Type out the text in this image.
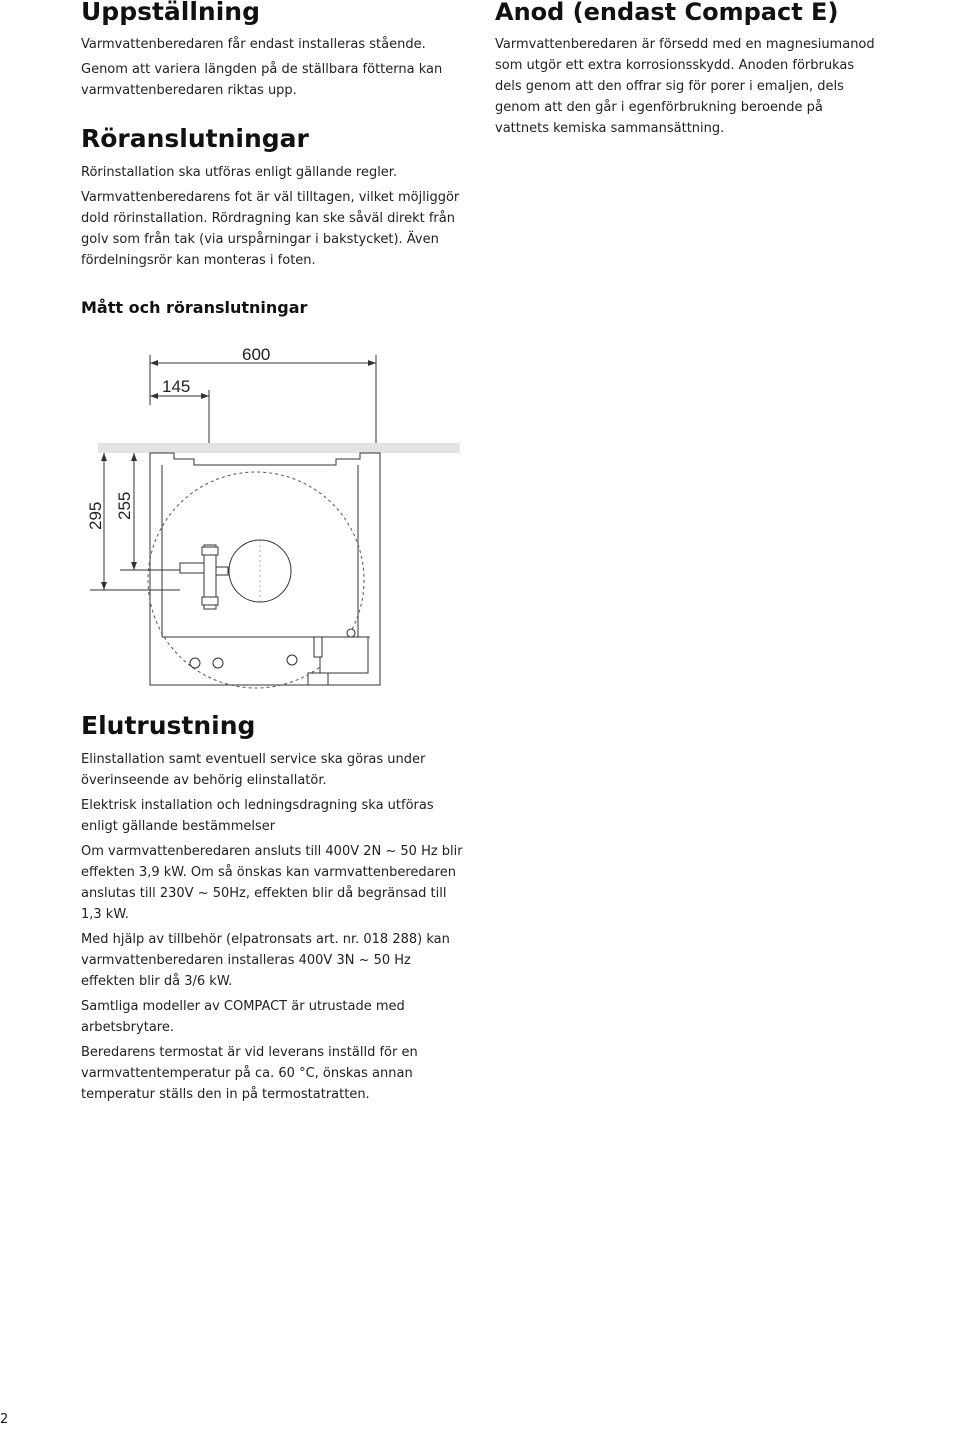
Uppställning

Varmvattenberedaren får endast installeras stående.

Genom att variera längden på de ställbara fötterna kan varmvattenberedaren riktas upp.

Röranslutningar

Rörinstallation ska utföras enligt gällande regler.

Varmvattenberedarens fot är väl tilltagen, vilket möjliggör dold rörinstallation. Rördragning kan ske såväl direkt från golv som från tak (via urspårningar i bakstycket). Även fördelningsrör kan monteras i foten.

Mått och röranslutningar
Elutrustning

Elinstallation samt eventuell service ska göras under överinseende av behörig elinstallatör.

Elektrisk installation och ledningsdragning ska utföras enligt gällande bestämmelser

Om varmvattenberedaren ansluts till 400V 2N ~ 50 Hz blir effekten 3,9 kW. Om så önskas kan varmvattenberedaren anslutas till 230V ~ 50Hz, effekten blir då begränsad till 1,3 kW.

Med hjälp av tillbehör (elpatronsats art. nr. 018 288) kan varmvattenberedaren installeras 400V 3N ~ 50 Hz effekten blir då 3/6 kW.

Samtliga modeller av COMPACT är utrustade med arbetsbrytare.

Beredarens termostat är vid leverans inställd för en varmvattentemperatur på ca. 60 °C, önskas annan temperatur ställs den in på termostatratten.

Anod (endast Compact E)

Varmvattenberedaren är försedd med en magnesiumanod som utgör ett extra korrosionsskydd. Anoden förbrukas dels genom att den offrar sig för porer i emaljen, dels genom att den går i egenförbrukning beroende på vattnets kemiska sammansättning.

600
145
295 255
2
